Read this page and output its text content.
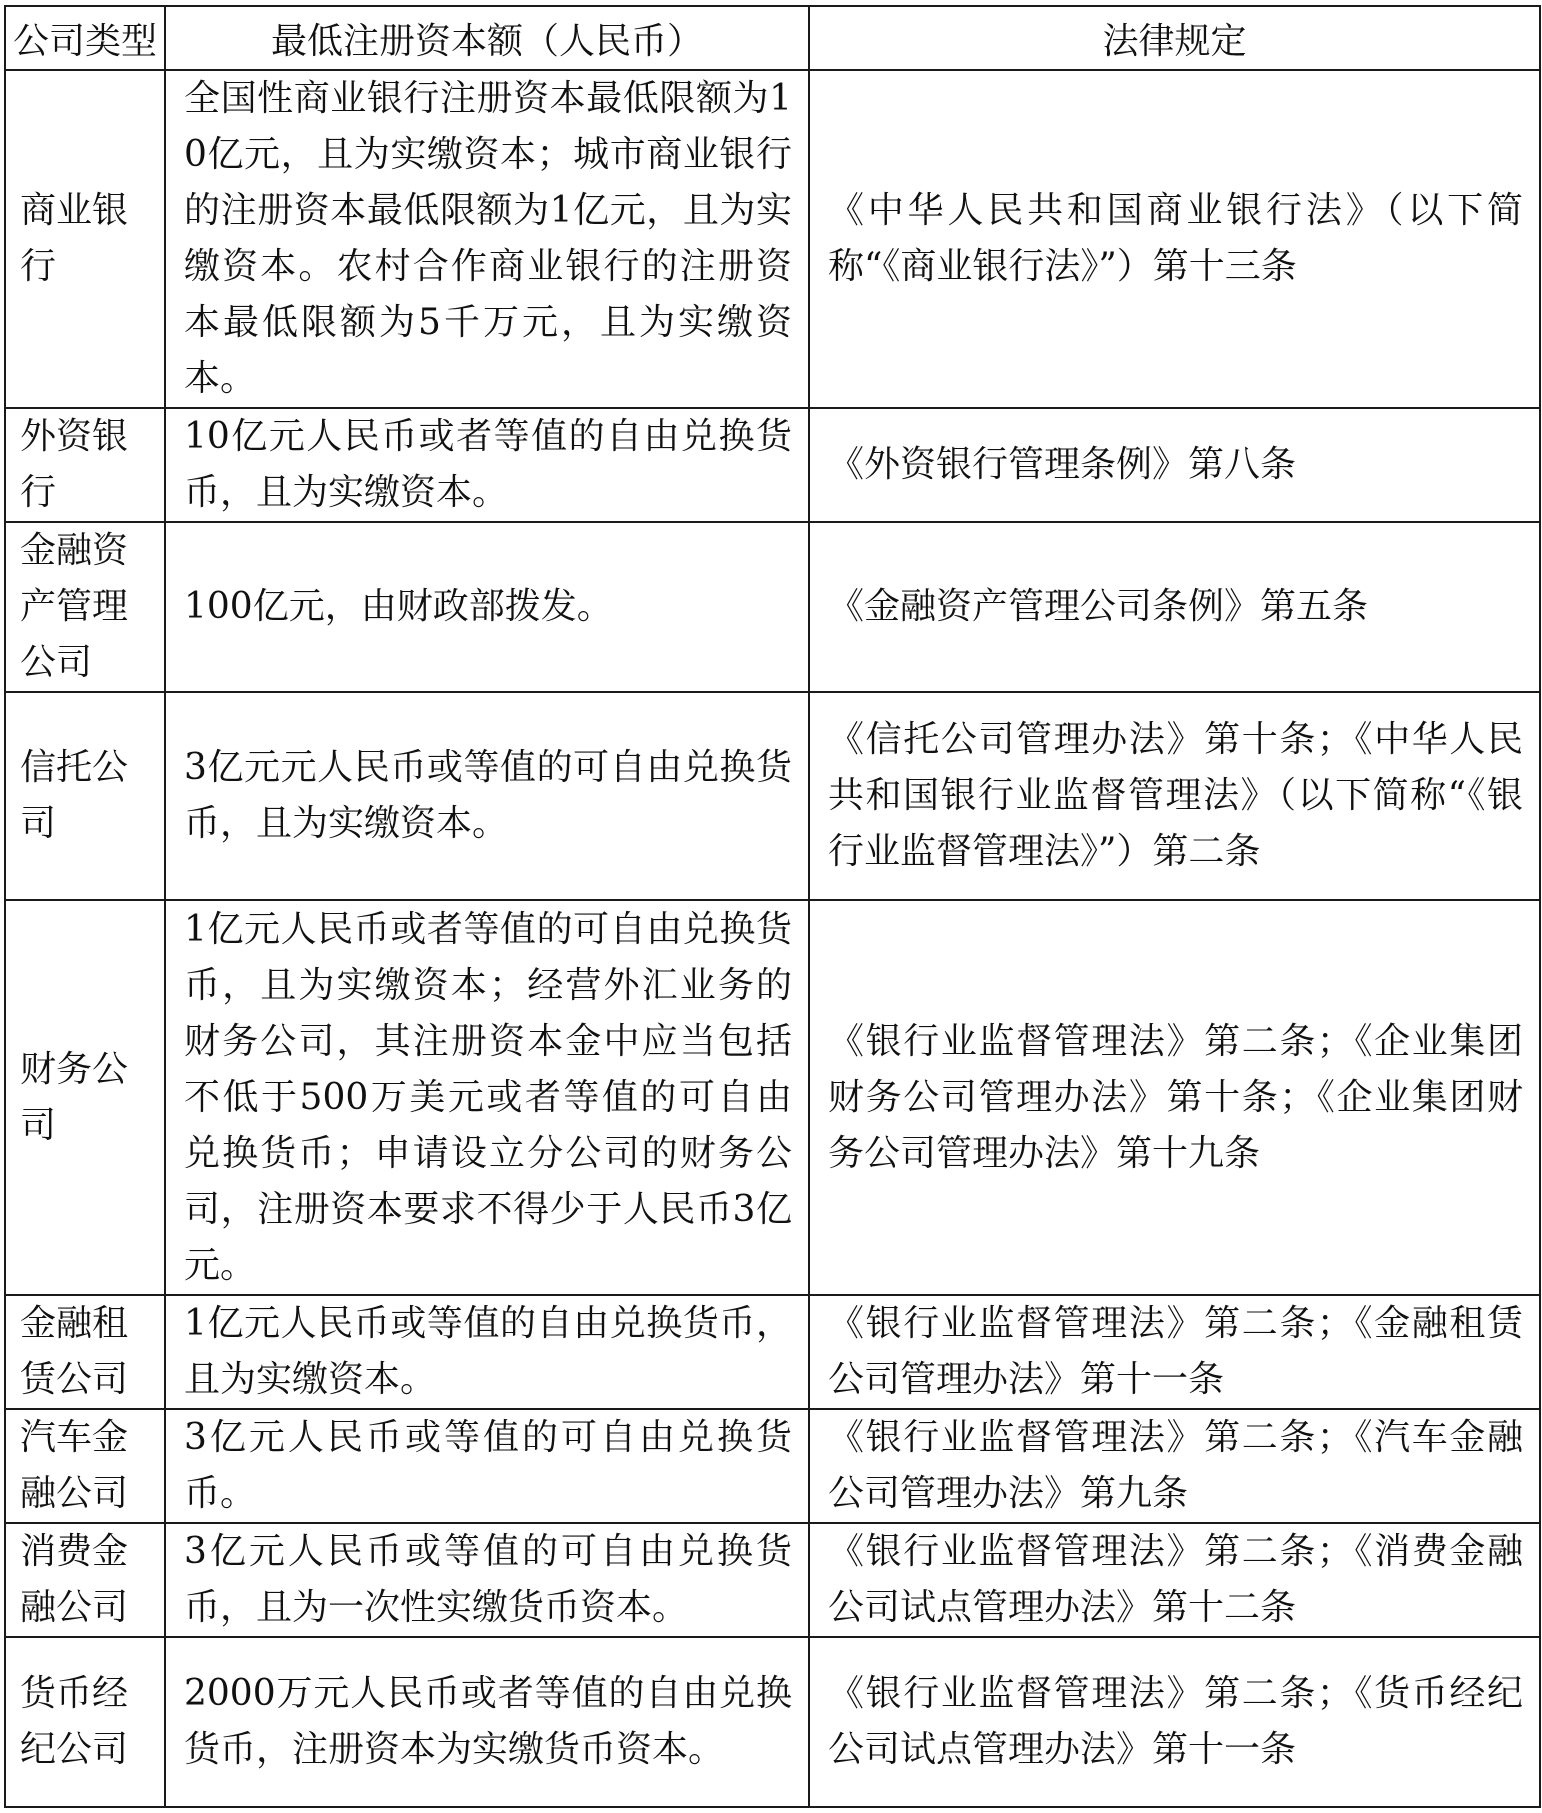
公司类型	最低注册资本额（人民币）	法律规定
商业银行	全国性商业银行注册资本最低限额为10亿元，且为实缴资本；城市商业银行的注册资本最低限额为1亿元，且为实缴资本。农村合作商业银行的注册资本最低限额为5千万元，且为实缴资本。	《中华人民共和国商业银行法》（以下简称“《商业银行法》”）第十三条
外资银行	10亿元人民币或者等值的自由兑换货币，且为实缴资本。	《外资银行管理条例》第八条
金融资产管理公司	100亿元，由财政部拨发。	《金融资产管理公司条例》第五条
信托公司	3亿元元人民币或等值的可自由兑换货币，且为实缴资本。	《信托公司管理办法》第十条；《中华人民共和国银行业监督管理法》（以下简称“《银行业监督管理法》”）第二条
财务公司	1亿元人民币或者等值的可自由兑换货币，且为实缴资本；经营外汇业务的财务公司，其注册资本金中应当包括不低于500万美元或者等值的可自由兑换货币；申请设立分公司的财务公司，注册资本要求不得少于人民币3亿元。	《银行业监督管理法》第二条；《企业集团财务公司管理办法》第十条；《企业集团财务公司管理办法》第十九条
金融租赁公司	1亿元人民币或等值的自由兑换货币，且为实缴资本。	《银行业监督管理法》第二条；《金融租赁公司管理办法》第十一条
汽车金融公司	3亿元人民币或等值的可自由兑换货币。	《银行业监督管理法》第二条；《汽车金融公司管理办法》第九条
消费金融公司	3亿元人民币或等值的可自由兑换货币，且为一次性实缴货币资本。	《银行业监督管理法》第二条；《消费金融公司试点管理办法》第十二条
货币经纪公司	2000万元人民币或者等值的自由兑换货币，注册资本为实缴货币资本。	《银行业监督管理法》第二条；《货币经纪公司试点管理办法》第十一条
